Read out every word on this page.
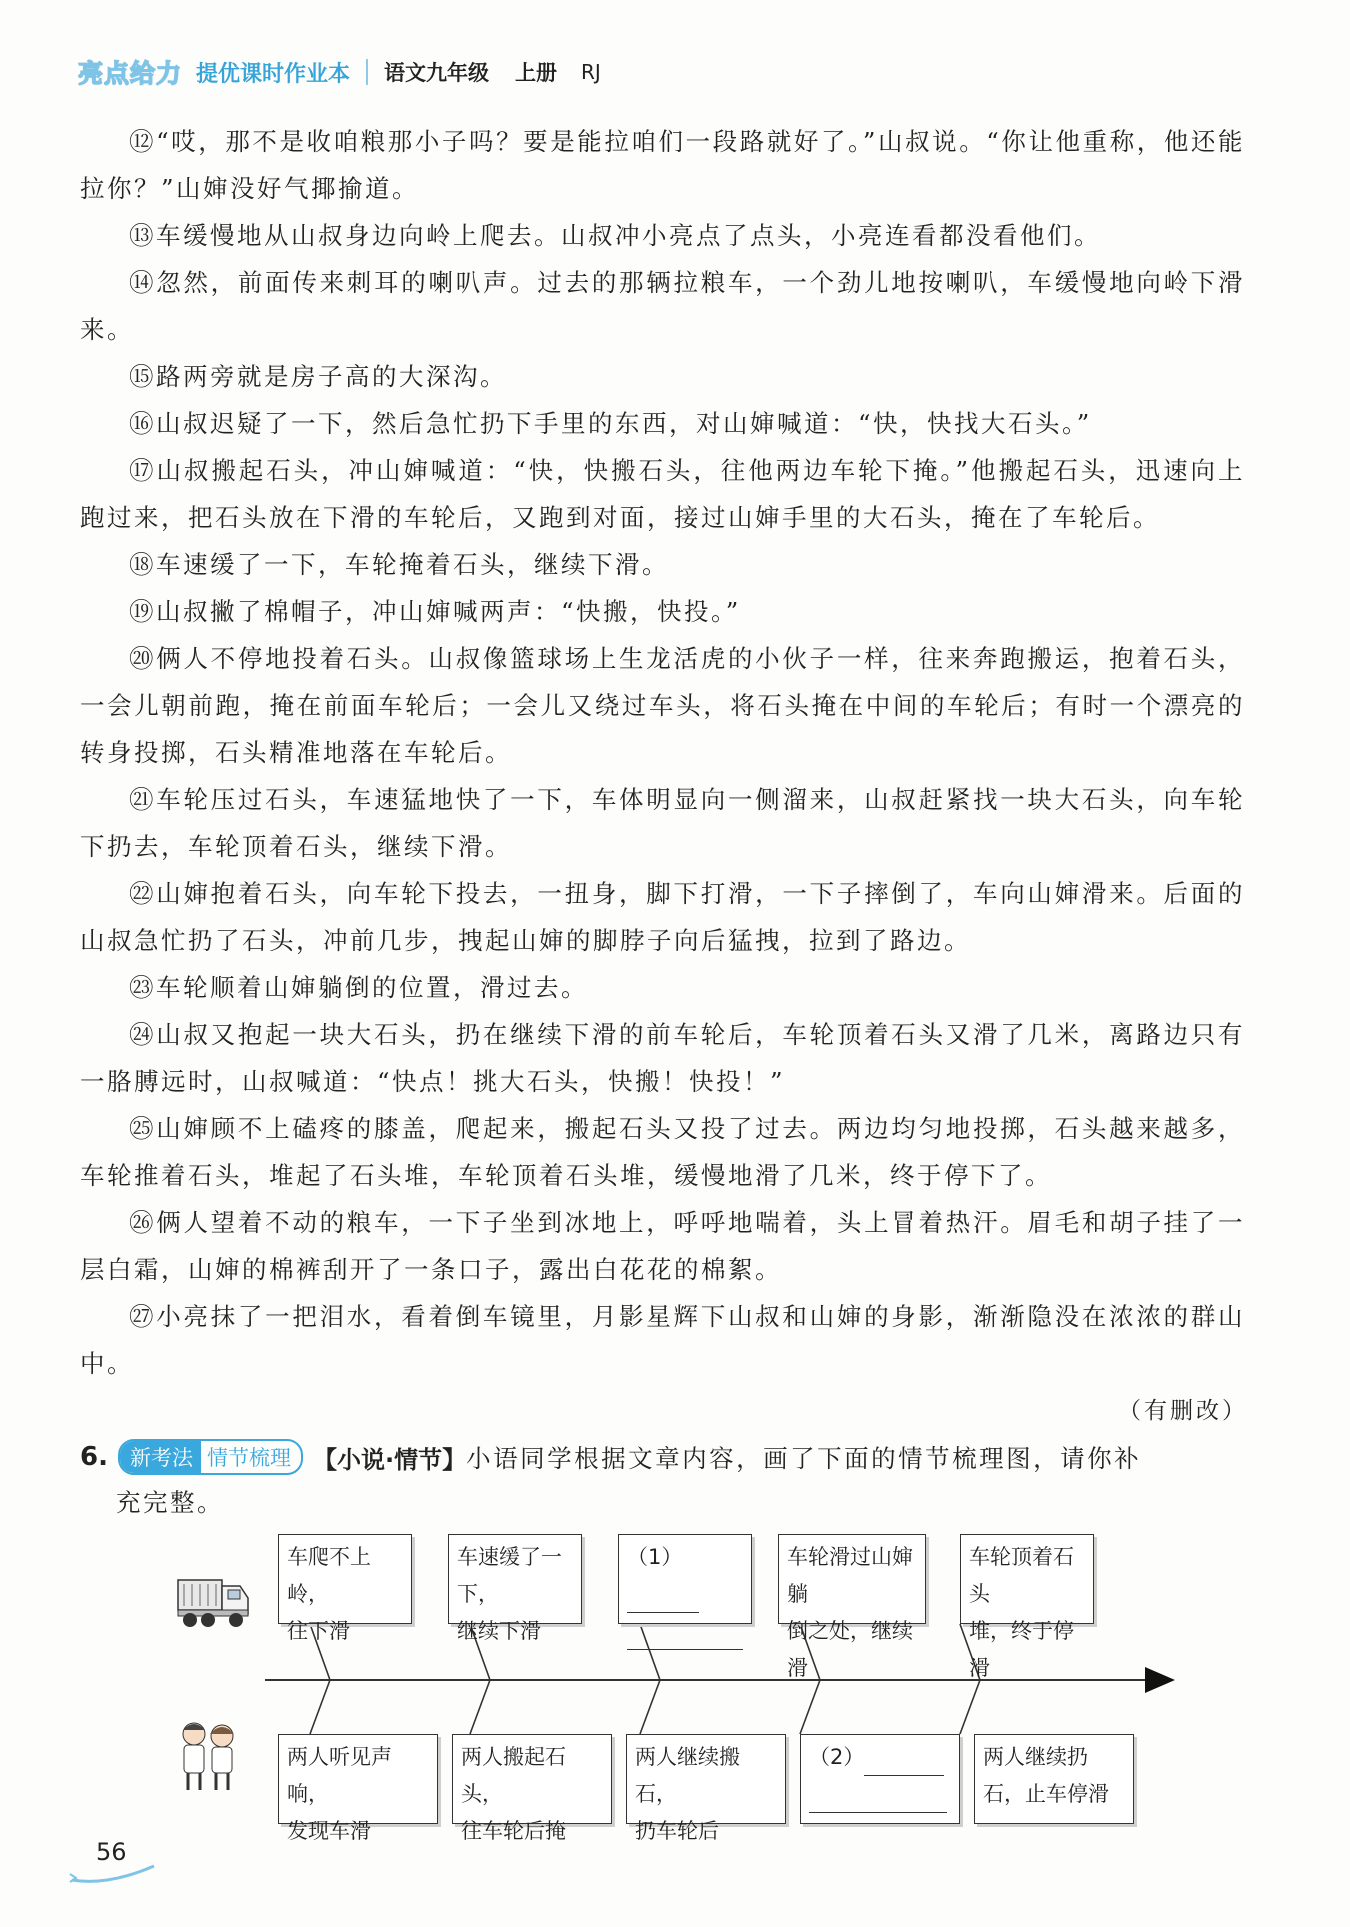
亮点给力 提优课时作业本 语文九年级 上册 RJ
⑫“哎，那不是收咱粮那小子吗？要是能拉咱们一段路就好了。”山叔说。“你让他重称，他还能拉你？”山婶没好气揶揄道。
⑬车缓慢地从山叔身边向岭上爬去。山叔冲小亮点了点头，小亮连看都没看他们。
⑭忽然，前面传来刺耳的喇叭声。过去的那辆拉粮车，一个劲儿地按喇叭，车缓慢地向岭下滑来。
⑮路两旁就是房子高的大深沟。
⑯山叔迟疑了一下，然后急忙扔下手里的东西，对山婶喊道：“快，快找大石头。”
⑰山叔搬起石头，冲山婶喊道：“快，快搬石头，往他两边车轮下掩。”他搬起石头，迅速向上跑过来，把石头放在下滑的车轮后，又跑到对面，接过山婶手里的大石头，掩在了车轮后。
⑱车速缓了一下，车轮掩着石头，继续下滑。
⑲山叔撇了棉帽子，冲山婶喊两声：“快搬，快投。”
⑳俩人不停地投着石头。山叔像篮球场上生龙活虎的小伙子一样，往来奔跑搬运，抱着石头，一会儿朝前跑，掩在前面车轮后；一会儿又绕过车头，将石头掩在中间的车轮后；有时一个漂亮的转身投掷，石头精准地落在车轮后。
㉑车轮压过石头，车速猛地快了一下，车体明显向一侧溜来，山叔赶紧找一块大石头，向车轮下扔去，车轮顶着石头，继续下滑。
㉒山婶抱着石头，向车轮下投去，一扭身，脚下打滑，一下子摔倒了，车向山婶滑来。后面的山叔急忙扔了石头，冲前几步，拽起山婶的脚脖子向后猛拽，拉到了路边。
㉓车轮顺着山婶躺倒的位置，滑过去。
㉔山叔又抱起一块大石头，扔在继续下滑的前车轮后，车轮顶着石头又滑了几米，离路边只有一胳膊远时，山叔喊道：“快点！挑大石头，快搬！快投！”
㉕山婶顾不上磕疼的膝盖，爬起来，搬起石头又投了过去。两边均匀地投掷，石头越来越多，车轮推着石头，堆起了石头堆，车轮顶着石头堆，缓慢地滑了几米，终于停下了。
㉖俩人望着不动的粮车，一下子坐到冰地上，呼呼地喘着，头上冒着热汗。眉毛和胡子挂了一层白霜，山婶的棉裤刮开了一条口子，露出白花花的棉絮。
㉗小亮抹了一把泪水，看着倒车镜里，月影星辉下山叔和山婶的身影，渐渐隐没在浓浓的群山中。
（有删改）
6.	新考法 情节梳理 【小说·情节】 小语同学根据文章内容，画了下面的情节梳理图，请你补
充完整。
车爬不上岭，
往下滑
车速缓了一下，
继续下滑
（1）	车轮滑过山婶躺
倒之处，继续滑
车轮顶着石头
堆，终于停滑
两人听见声响，
发现车滑
两人搬起石头，
往车轮后掩
两人继续搬石，
扔车轮后
（2）	两人继续扔
石，止车停滑
56
